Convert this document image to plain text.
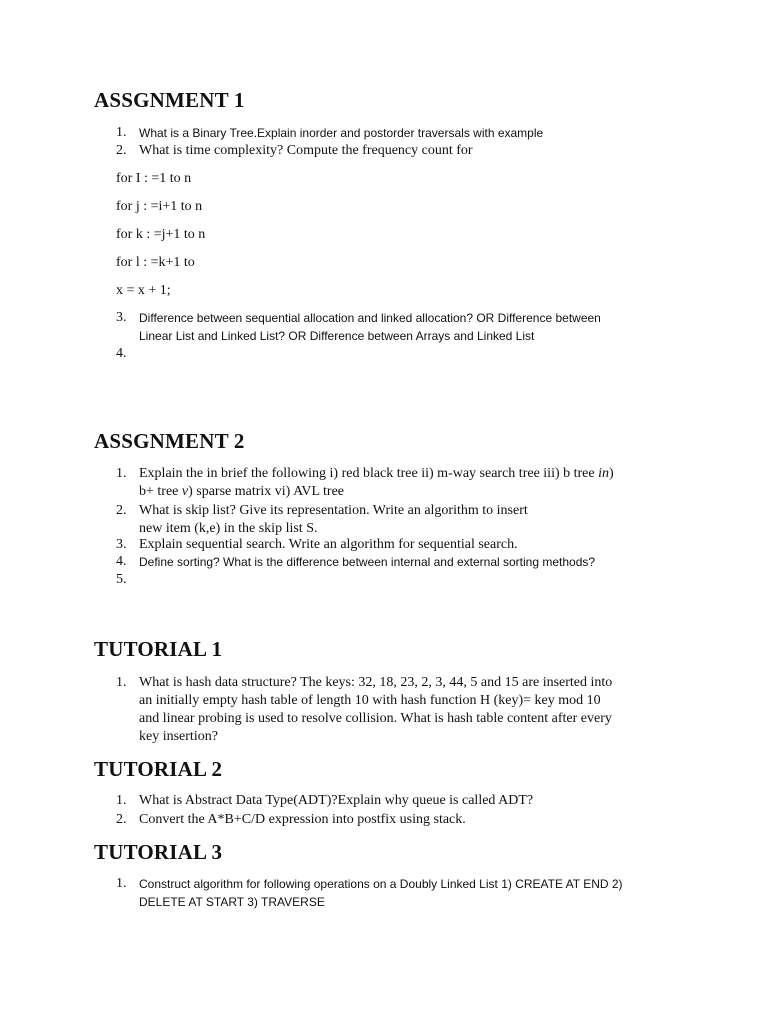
ASSGNMENT 1
1.	What is a Binary Tree.Explain inorder and postorder traversals with example
2. What is time complexity? Compute the frequency count for
for I : =1 to n
for j : =i+1 to n
for k : =j+1 to n
for l : =k+1 to
x = x + 1;
3.	Difference between sequential allocation and linked allocation? OR Difference between
Linear List and Linked List? OR Difference between Arrays and Linked List
4.
ASSGNMENT 2
1. Explain the in brief the following i) red black tree ii) m-way search tree iii) b tree in)
b+ tree v) sparse matrix vi) AVL tree
2. What is skip list? Give its representation. Write an algorithm to insert
new item (k,e) in the skip list S.
3. Explain sequential search. Write an algorithm for sequential search.
4.	Define sorting? What is the difference between internal and external sorting methods?
5.
TUTORIAL 1
1. What is hash data structure? The keys: 32, 18, 23, 2, 3, 44, 5 and 15 are inserted into
an initially empty hash table of length 10 with hash function H (key)= key mod 10
and linear probing is used to resolve collision. What is hash table content after every
key insertion?
TUTORIAL 2
1. What is Abstract Data Type(ADT)?Explain why queue is called ADT?
2. Convert the A*B+C/D expression into postfix using stack.
TUTORIAL 3
1.	Construct algorithm for following operations on a Doubly Linked List 1) CREATE AT END 2)
DELETE AT START 3) TRAVERSE
